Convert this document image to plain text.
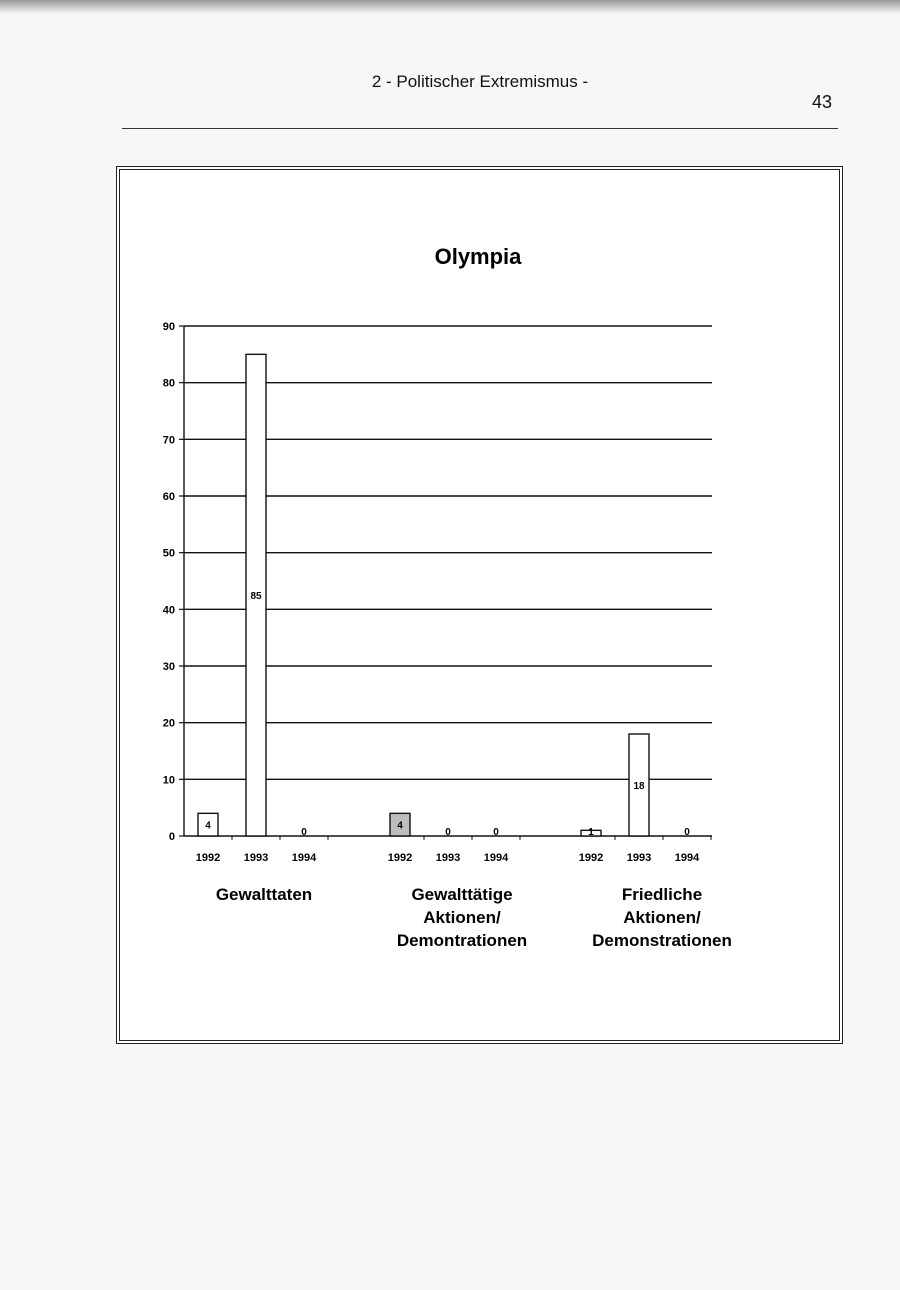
2 - Politischer Extremismus -
43
Olympia
0
10
20
30
40
50
60
70
80
90
4
1992
85
1993
0
1994
Gewalttaten
4
1992
0
1993
0
1994
Gewalttätige
Aktionen/
Demontrationen
1
1992
18
1993
0
1994
Friedliche
Aktionen/
Demonstrationen
